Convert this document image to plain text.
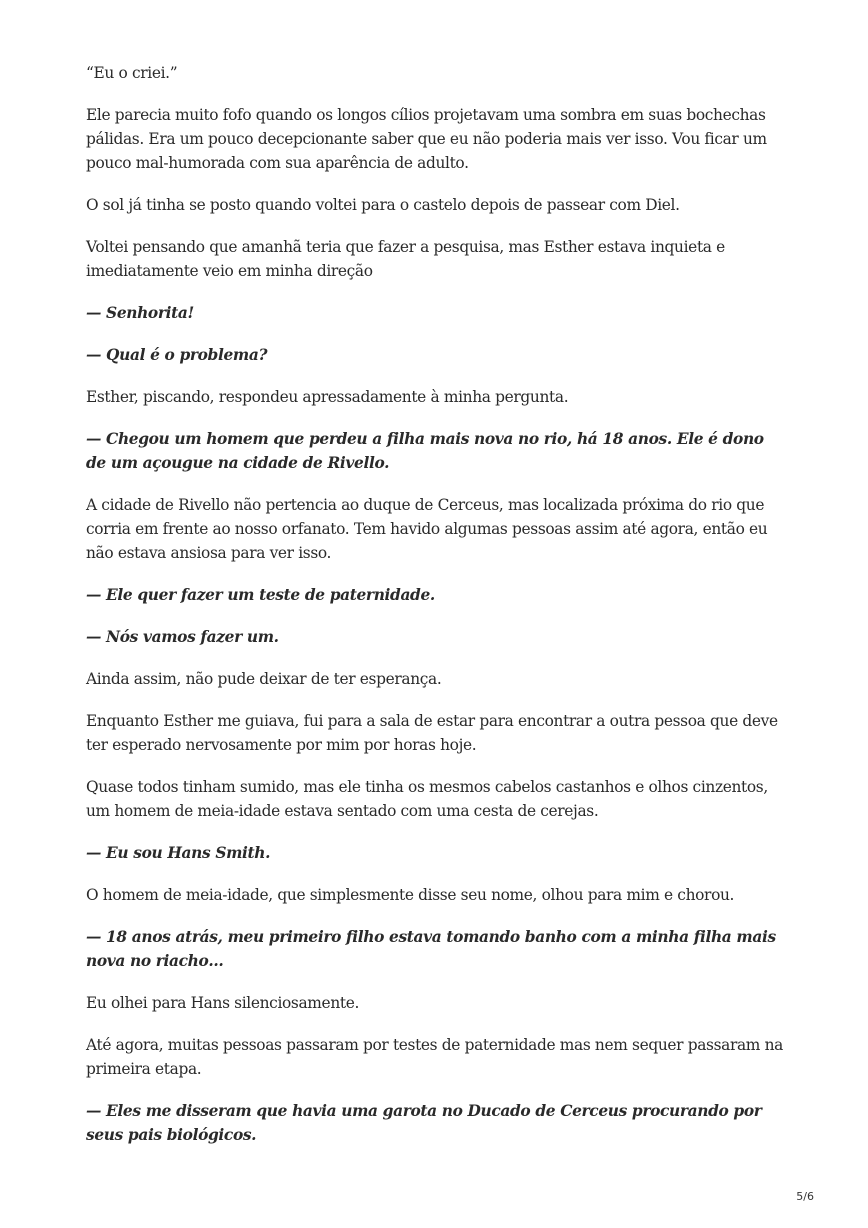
“Eu o criei.”

Ele parecia muito fofo quando os longos cílios projetavam uma sombra em suas bochechas pálidas. Era um pouco decepcionante saber que eu não poderia mais ver isso. Vou ficar um pouco mal-humorada com sua aparência de adulto.

O sol já tinha se posto quando voltei para o castelo depois de passear com Diel.

Voltei pensando que amanhã teria que fazer a pesquisa, mas Esther estava inquieta e imediatamente veio em minha direção

— Senhorita!

— Qual é o problema?

Esther, piscando, respondeu apressadamente à minha pergunta.

— Chegou um homem que perdeu a filha mais nova no rio, há 18 anos. Ele é dono de um açougue na cidade de Rivello.

A cidade de Rivello não pertencia ao duque de Cerceus, mas localizada próxima do rio que corria em frente ao nosso orfanato. Tem havido algumas pessoas assim até agora, então eu não estava ansiosa para ver isso.

— Ele quer fazer um teste de paternidade.

— Nós vamos fazer um.

Ainda assim, não pude deixar de ter esperança.

Enquanto Esther me guiava, fui para a sala de estar para encontrar a outra pessoa que deve ter esperado nervosamente por mim por horas hoje.

Quase todos tinham sumido, mas ele tinha os mesmos cabelos castanhos e olhos cinzentos, um homem de meia-idade estava sentado com uma cesta de cerejas.

— Eu sou Hans Smith.

O homem de meia-idade, que simplesmente disse seu nome, olhou para mim e chorou.

— 18 anos atrás, meu primeiro filho estava tomando banho com a minha filha mais nova no riacho…

Eu olhei para Hans silenciosamente.

Até agora, muitas pessoas passaram por testes de paternidade mas nem sequer passaram na primeira etapa.

— Eles me disseram que havia uma garota no Ducado de Cerceus procurando por seus pais biológicos.

5/6
